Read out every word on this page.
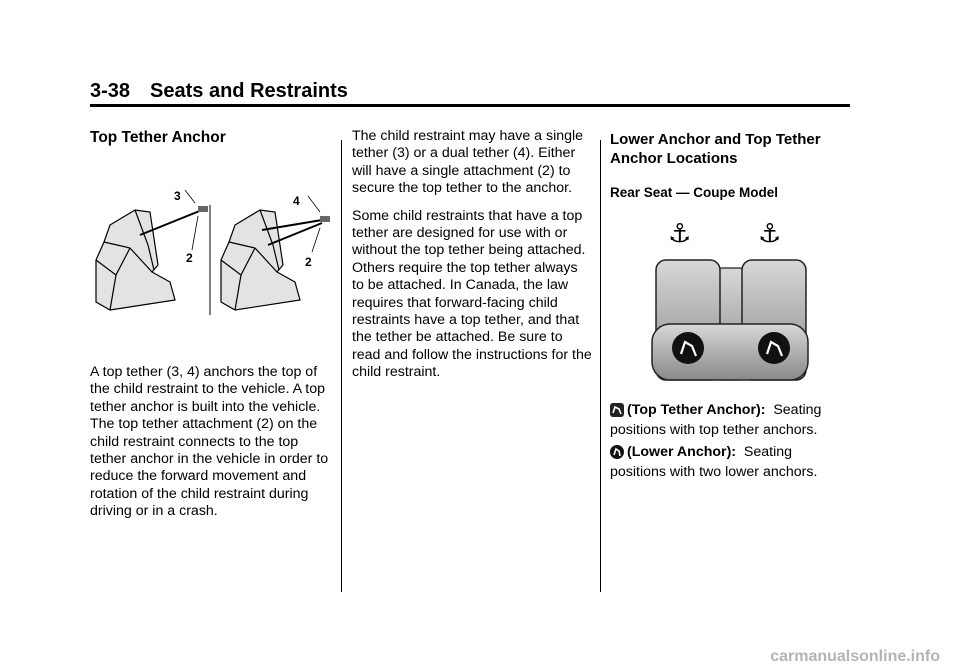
3-38 Seats and Restraints
Top Tether Anchor
3
2
4
2

A top tether (3, 4) anchors the top of the child restraint to the vehicle. A top tether anchor is built into the vehicle. The top tether attachment (2) on the child restraint connects to the top tether anchor in the vehicle in order to reduce the forward movement and rotation of the child restraint during driving or in a crash.

The child restraint may have a single tether (3) or a dual tether (4). Either will have a single attachment (2) to secure the top tether to the anchor.

Some child restraints that have a top tether are designed for use with or without the top tether being attached. Others require the top tether always to be attached. In Canada, the law requires that forward-facing child restraints have a top tether, and that the tether be attached. Be sure to read and follow the instructions for the child restraint.

Lower Anchor and Top Tether Anchor Locations
Rear Seat — Coupe Model
⚓	⚓
(Top Tether Anchor): Seating positions with top tether anchors.
(Lower Anchor): Seating positions with two lower anchors.
carmanualsonline.info
